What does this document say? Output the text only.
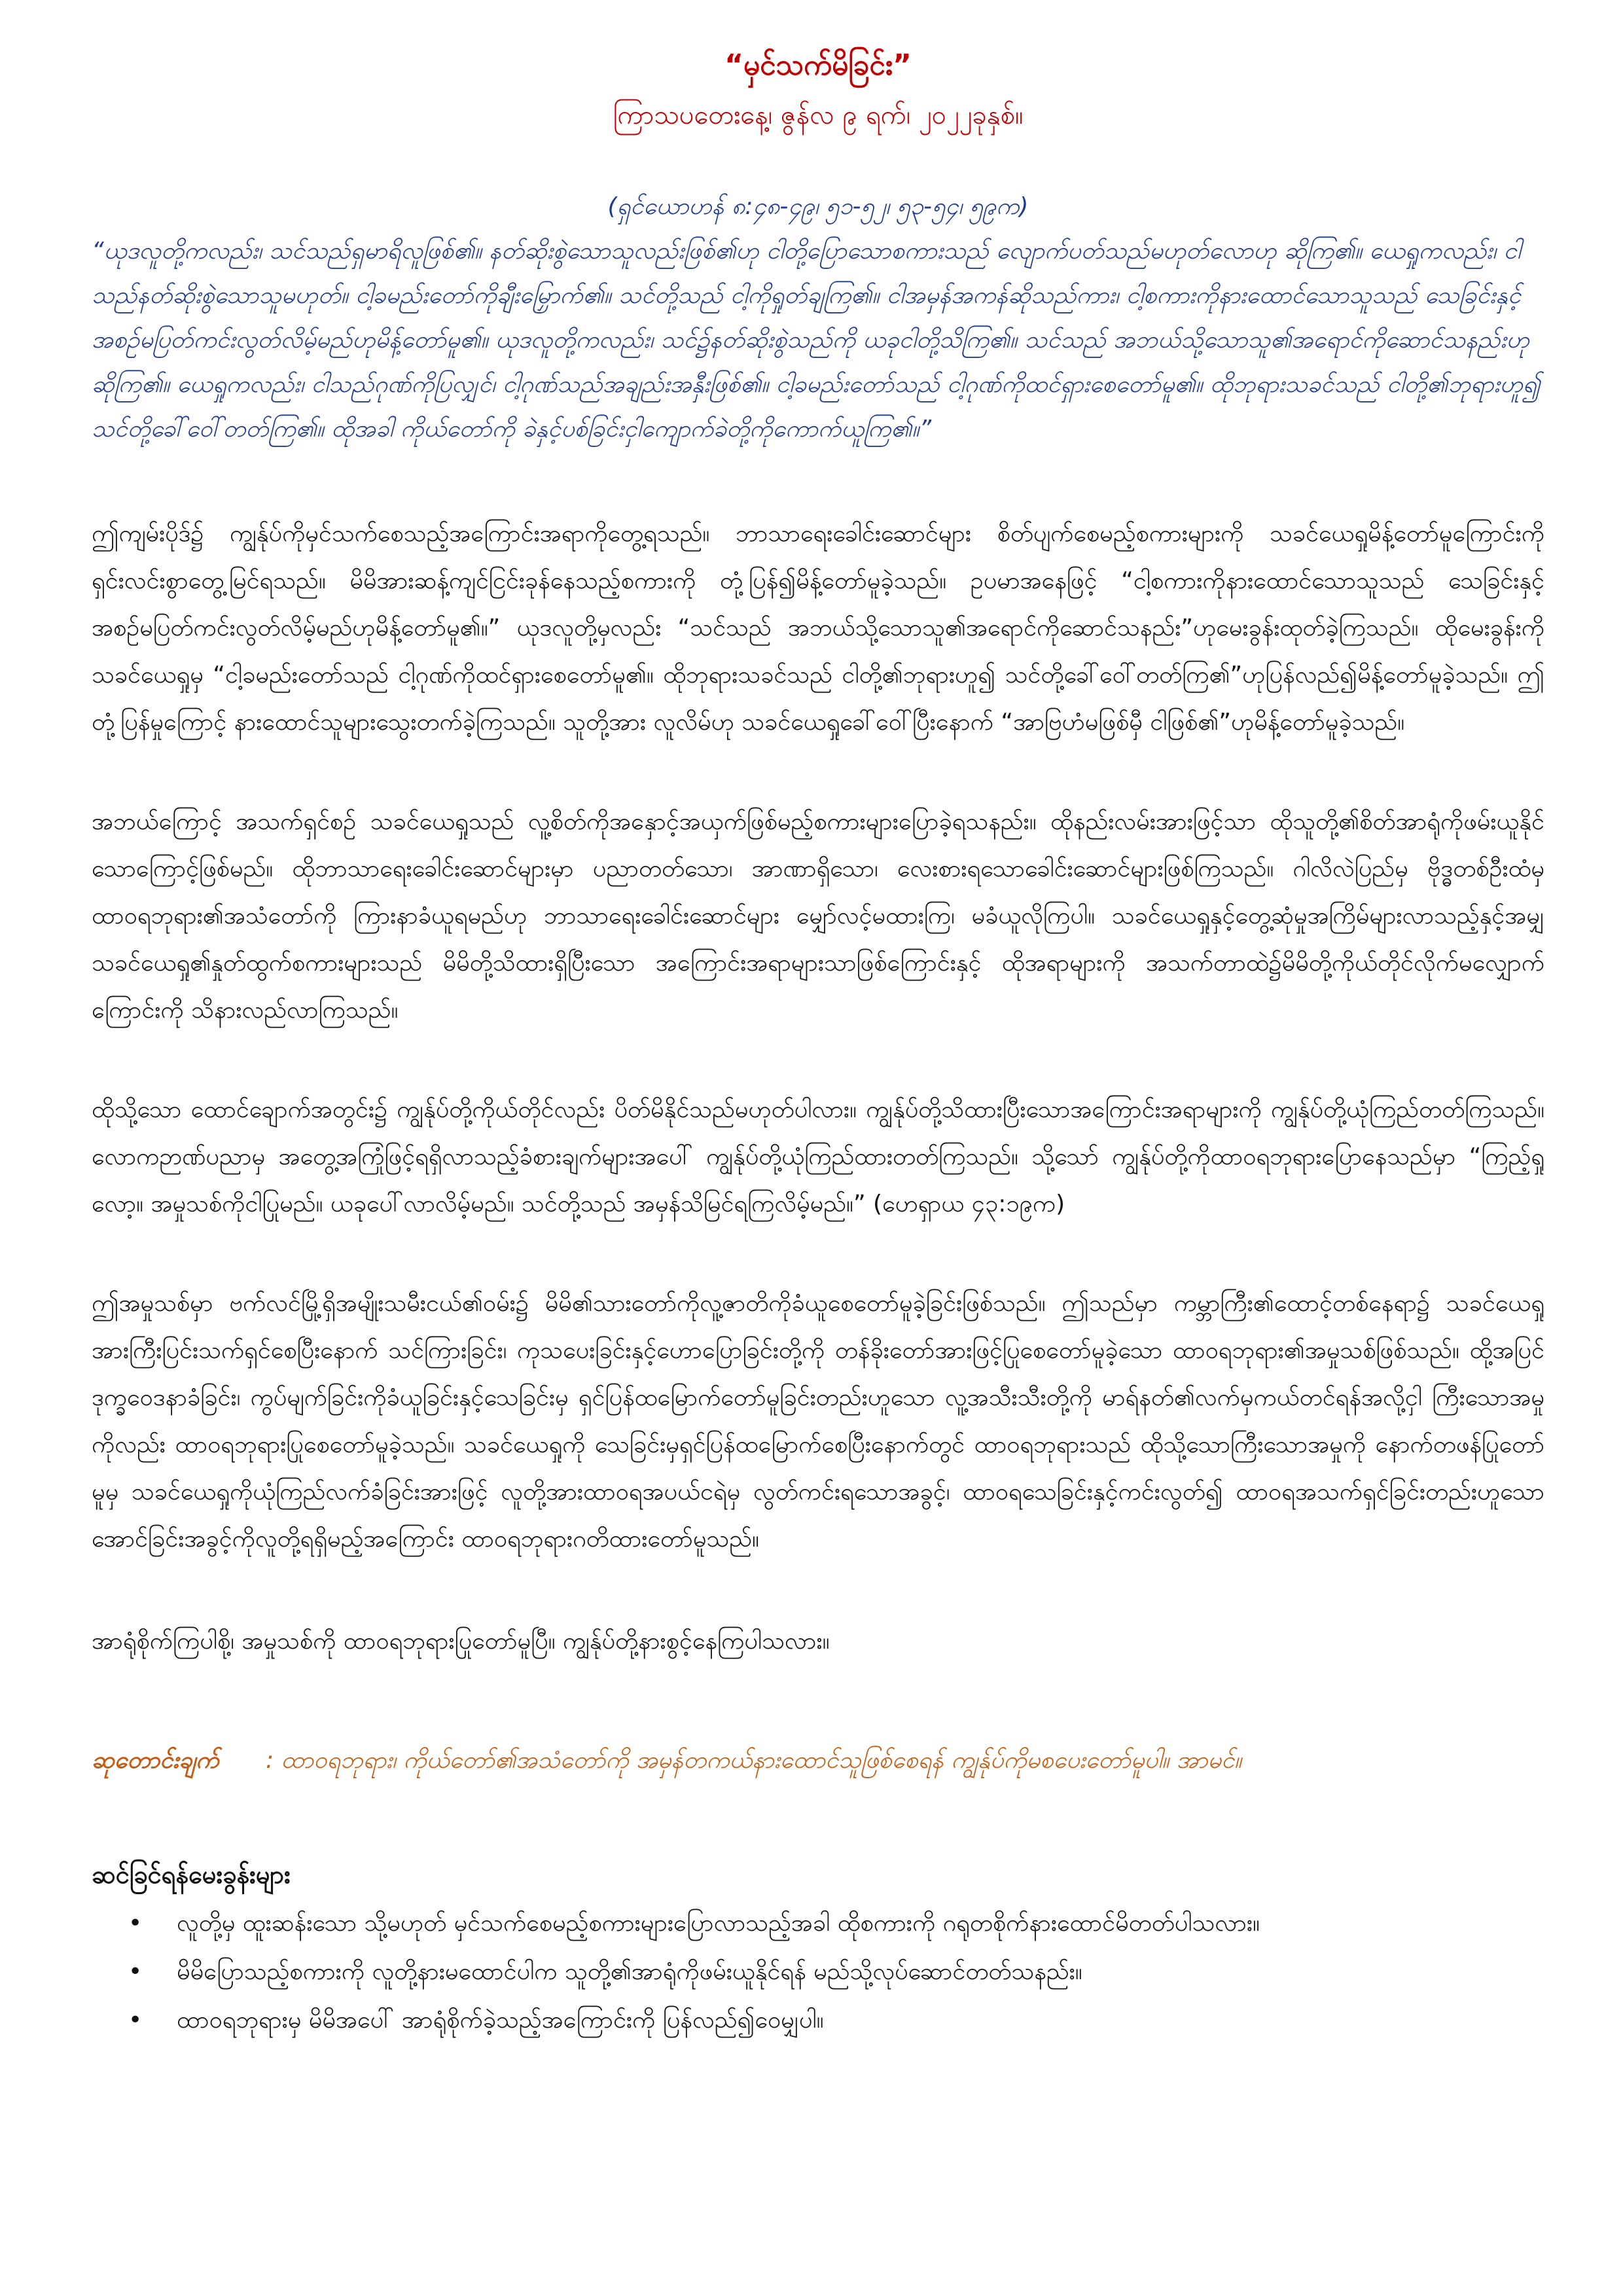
“မှင်သက်မိခြင်း”

ကြာသပတေးနေ့၊ ဇွန်လ ၉ ရက်၊ ၂၀၂၂ခုနှစ်။

(ရှင်ယောဟန် ၈:၄၈-၄၉၊ ၅၁-၅၂၊ ၅၃-၅၄၊ ၅၉က)
“ယုဒလူတို့ကလည်း၊ သင်သည်ရှမာရိလူဖြစ်၏။ နတ်ဆိုးစွဲသောသူလည်းဖြစ်၏ဟု ငါတို့ပြောသောစကားသည် လျောက်ပတ်သည်မဟုတ်လောဟု ဆိုကြ၏။ ယေရှုကလည်း၊ ငါသည်နတ်ဆိုးစွဲသောသူမဟုတ်။ ငါ့ခမည်းတော်ကိုချီးမြှောက်၏။ သင်တို့သည် ငါ့ကိုရှုတ်ချကြ၏။ ငါအမှန်အကန်ဆိုသည်ကား၊ ငါ့စကားကိုနားထောင်သောသူသည် သေခြင်းနှင့်အစဉ်မပြတ်ကင်းလွတ်လိမ့်မည်ဟုမိန့်တော်မူ၏။ ယုဒလူတို့ကလည်း၊ သင်၌နတ်ဆိုးစွဲသည်ကို ယခုငါတို့သိကြ၏။ သင်သည် အဘယ်သို့သောသူ၏အရောင်ကိုဆောင်သနည်းဟုဆိုကြ၏။ ယေရှုကလည်း၊ ငါသည်ဂုဏ်ကိုပြလျှင်၊ ငါ့ဂုဏ်သည်အချည်းအနှီးဖြစ်၏။ ငါ့ခမည်းတော်သည် ငါ့ဂုဏ်ကိုထင်ရှားစေတော်မူ၏။ ထိုဘုရားသခင်သည် ငါတို့၏ဘုရားဟူ၍ သင်တို့ခေါ်ဝေါ်တတ်ကြ၏။ ထိုအခါ ကိုယ်တော်ကို ခဲနှင့်ပစ်ခြင်းငှါကျောက်ခဲတို့ကိုကောက်ယူကြ၏။”

ဤကျမ်းပိုဒ်၌ ကျွန်ုပ်ကိုမှင်သက်စေသည့်အကြောင်းအရာကိုတွေ့ရသည်။ ဘာသာရေးခေါင်းဆောင်များ စိတ်ပျက်စေမည့်စကားများကို သခင်ယေရှုမိန့်တော်မူကြောင်းကို ရှင်းလင်းစွာတွေ့မြင်ရသည်။ မိမိအားဆန့်ကျင်ငြင်းခုန်နေသည့်စကားကို တုံ့ပြန်၍မိန့်တော်မူခဲ့သည်။ ဥပမာအနေဖြင့် “ငါ့စကားကိုနားထောင်သောသူသည် သေခြင်းနှင့်အစဉ်မပြတ်ကင်းလွတ်လိမ့်မည်ဟုမိန့်တော်မူ၏။” ယုဒလူတို့မှလည်း “သင်သည် အဘယ်သို့သောသူ၏အရောင်ကိုဆောင်သနည်း”ဟုမေးခွန်းထုတ်ခဲ့ကြသည်။ ထိုမေးခွန်းကို သခင်ယေရှုမှ “ငါ့ခမည်းတော်သည် ငါ့ဂုဏ်ကိုထင်ရှားစေတော်မူ၏။ ထိုဘုရားသခင်သည် ငါတို့၏ဘုရားဟူ၍ သင်တို့ခေါ်ဝေါ်တတ်ကြ၏”ဟုပြန်လည်၍မိန့်တော်မူခဲ့သည်။ ဤတုံ့ပြန်မှုကြောင့် နားထောင်သူများသွေးတက်ခဲ့ကြသည်။ သူတို့အား လူလိမ်ဟု သခင်ယေရှုခေါ်ဝေါ်ပြီးနောက် “အာဗြဟံမဖြစ်မှီ ငါဖြစ်၏”ဟုမိန့်တော်မူခဲ့သည်။

အဘယ်ကြောင့် အသက်ရှင်စဉ် သခင်ယေရှုသည် လူ့စိတ်ကိုအနှောင့်အယှက်ဖြစ်မည့်စကားများပြောခဲ့ရသနည်း။ ထိုနည်းလမ်းအားဖြင့်သာ ထိုသူတို့၏စိတ်အာရုံကိုဖမ်းယူနိုင်သောကြောင့်ဖြစ်မည်။ ထိုဘာသာရေးခေါင်းဆောင်များမှာ ပညာတတ်သော၊ အာဏာရှိသော၊ လေးစားရသောခေါင်းဆောင်များဖြစ်ကြသည်။ ဂါလိလဲပြည်မှ ဗိုဒ္ဓတစ်ဦးထံမှ ထာဝရဘုရား၏အသံတော်ကို ကြားနာခံယူရမည်ဟု ဘာသာရေးခေါင်းဆောင်များ မျှော်လင့်မထားကြ၊ မခံယူလိုကြပါ။ သခင်ယေရှုနှင့်တွေ့ဆုံမှုအကြိမ်များလာသည့်နှင့်အမျှ သခင်ယေရှု၏နှုတ်ထွက်စကားများသည် မိမိတို့သိထားရှိပြီးသော အကြောင်းအရာများသာဖြစ်ကြောင်းနှင့် ထိုအရာများကို အသက်တာထဲ၌မိမိတို့ကိုယ်တိုင်လိုက်မလျှောက်ကြောင်းကို သိနားလည်လာကြသည်။

ထိုသို့သော ထောင်ချောက်အတွင်း၌ ကျွန်ုပ်တို့ကိုယ်တိုင်လည်း ပိတ်မိနိုင်သည်မဟုတ်ပါလား။ ကျွန်ုပ်တို့သိထားပြီးသောအကြောင်းအရာများကို ကျွန်ုပ်တို့ယုံကြည်တတ်ကြသည်။ လောကဉာဏ်ပညာမှ အတွေ့အကြုံဖြင့်ရရှိလာသည့်ခံစားချက်များအပေါ် ကျွန်ုပ်တို့ယုံကြည်ထားတတ်ကြသည်။ သို့သော် ကျွန်ုပ်တို့ကိုထာဝရဘုရားပြောနေသည်မှာ “ကြည့်ရှုလော့။ အမှုသစ်ကိုငါပြုမည်။ ယခုပေါ်လာလိမ့်မည်။ သင်တို့သည် အမှန်သိမြင်ရကြလိမ့်မည်။” (ဟေရှာယ ၄၃:၁၉က)

ဤအမှုသစ်မှာ ဗက်လင်မြို့ရှိအမျိုးသမီးငယ်၏ဝမ်း၌ မိမိ၏သားတော်ကိုလူ့ဇာတိကိုခံယူစေတော်မူခဲ့ခြင်းဖြစ်သည်။ ဤသည်မှာ ကမ္ဘာကြီး၏ထောင့်တစ်နေရာ၌ သခင်ယေရှုအားကြီးပြင်းသက်ရှင်စေပြီးနောက် သင်ကြားခြင်း၊ ကုသပေးခြင်းနှင့်ဟောပြောခြင်းတို့ကို တန်ခိုးတော်အားဖြင့်ပြုစေတော်မူခဲ့သော ထာဝရဘုရား၏အမှုသစ်ဖြစ်သည်။ ထို့အပြင်ဒုက္ခဝေဒနာခံခြင်း၊ ကွပ်မျက်ခြင်းကိုခံယူခြင်းနှင့်သေခြင်းမှ ရှင်ပြန်ထမြောက်တော်မူခြင်းတည်းဟူသော လူ့အသီးသီးတို့ကို မာရ်နတ်၏လက်မှကယ်တင်ရန်အလို့ငှါ ကြီးသောအမှုကိုလည်း ထာဝရဘုရားပြုစေတော်မူခဲ့သည်။ သခင်ယေရှုကို သေခြင်းမှရှင်ပြန်ထမြောက်စေပြီးနောက်တွင် ထာဝရဘုရားသည် ထိုသို့သောကြီးသောအမှုကို နောက်တဖန်ပြုတော်မူမှ သခင်ယေရှုကိုယုံကြည်လက်ခံခြင်းအားဖြင့် လူတို့အားထာဝရအပယ်ငရဲမှ လွတ်ကင်းရသောအခွင့်၊ ထာဝရသေခြင်းနှင့်ကင်းလွတ်၍ ထာဝရအသက်ရှင်ခြင်းတည်းဟူသော အောင်ခြင်းအခွင့်ကိုလူတို့ရရှိမည့်အကြောင်း ထာဝရဘုရားဂတိထားတော်မူသည်။

အာရုံစိုက်ကြပါစို့၊ အမှုသစ်ကို ထာဝရဘုရားပြုတော်မူပြီ။ ကျွန်ုပ်တို့နားစွင့်နေကြပါသလား။

ဆုတောင်းချက် : ထာဝရဘုရား၊ ကိုယ်တော်၏အသံတော်ကို အမှန်တကယ်နားထောင်သူဖြစ်စေရန် ကျွန်ုပ်ကိုမစပေးတော်မူပါ။ အာမင်။
ဆင်ခြင်ရန်မေးခွန်းများ
• လူတို့မှ ထူးဆန်းသော သို့မဟုတ် မှင်သက်စေမည့်စကားများပြောလာသည့်အခါ ထိုစကားကို ဂရုတစိုက်နားထောင်မိတတ်ပါသလား။
• မိမိပြောသည့်စကားကို လူတို့နားမထောင်ပါက သူတို့၏အာရုံကိုဖမ်းယူနိုင်ရန် မည်သို့လုပ်ဆောင်တတ်သနည်း။
• ထာဝရဘုရားမှ မိမိအပေါ် အာရုံစိုက်ခဲ့သည့်အကြောင်းကို ပြန်လည်၍ဝေမျှပါ။
